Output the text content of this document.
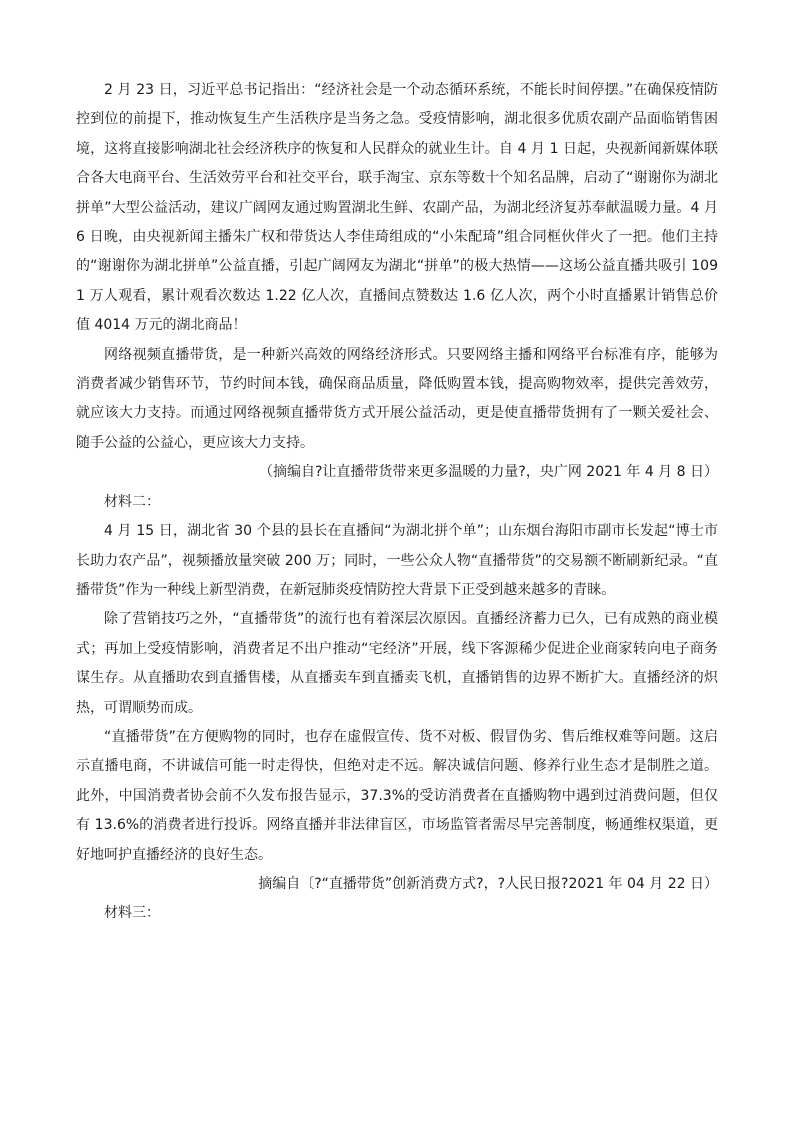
2 月 23 日，习近平总书记指出：“经济社会是一个动态循环系统，不能长时间停摆。”在确保疫情防控到位的前提下，推动恢复生产生活秩序是当务之急。受疫情影响，湖北很多优质农副产品面临销售困境，这将直接影响湖北社会经济秩序的恢复和人民群众的就业生计。自 4 月 1 日起，央视新闻新媒体联合各大电商平台、生活效劳平台和社交平台，联手淘宝、京东等数十个知名品牌，启动了“谢谢你为湖北拼单”大型公益活动，建议广阔网友通过购置湖北生鲜、农副产品，为湖北经济复苏奉献温暖力量。4 月 6 日晚，由央视新闻主播朱广权和带货达人李佳琦组成的“小朱配琦”组合同框伙伴火了一把。他们主持的“谢谢你为湖北拼单”公益直播，引起广阔网友为湖北“拼单”的极大热情——这场公益直播共吸引 1091 万人观看，累计观看次数达 1.22 亿人次，直播间点赞数达 1.6 亿人次，两个小时直播累计销售总价值 4014 万元的湖北商品！

网络视频直播带货，是一种新兴高效的网络经济形式。只要网络主播和网络平台标准有序，能够为消费者减少销售环节，节约时间本钱，确保商品质量，降低购置本钱，提高购物效率，提供完善效劳，就应该大力支持。而通过网络视频直播带货方式开展公益活动，更是使直播带货拥有了一颗关爱社会、随手公益的公益心，更应该大力支持。

（摘编自?让直播带货带来更多温暖的力量?，央广网 2021 年 4 月 8 日）

材料二：

4 月 15 日，湖北省 30 个县的县长在直播间“为湖北拼个单”；山东烟台海阳市副市长发起“博士市长助力农产品”，视频播放量突破 200 万；同时，一些公众人物“直播带货”的交易额不断刷新纪录。“直播带货”作为一种线上新型消费，在新冠肺炎疫情防控大背景下正受到越来越多的青睐。

除了营销技巧之外，“直播带货”的流行也有着深层次原因。直播经济蓄力已久，已有成熟的商业模式；再加上受疫情影响，消费者足不出户推动“宅经济”开展，线下客源稀少促进企业商家转向电子商务谋生存。从直播助农到直播售楼，从直播卖车到直播卖飞机，直播销售的边界不断扩大。直播经济的炽热，可谓顺势而成。

“直播带货”在方便购物的同时，也存在虚假宣传、货不对板、假冒伪劣、售后维权难等问题。这启示直播电商，不讲诚信可能一时走得快，但绝对走不远。解决诚信问题、修养行业生态才是制胜之道。此外，中国消费者协会前不久发布报告显示，37.3%的受访消费者在直播购物中遇到过消费问题，但仅有 13.6%的消费者进行投诉。网络直播并非法律盲区，市场监管者需尽早完善制度，畅通维权渠道，更好地呵护直播经济的良好生态。

摘编自〔?“直播带货”创新消费方式?，?人民日报?2021 年 04 月 22 日）

材料三：
